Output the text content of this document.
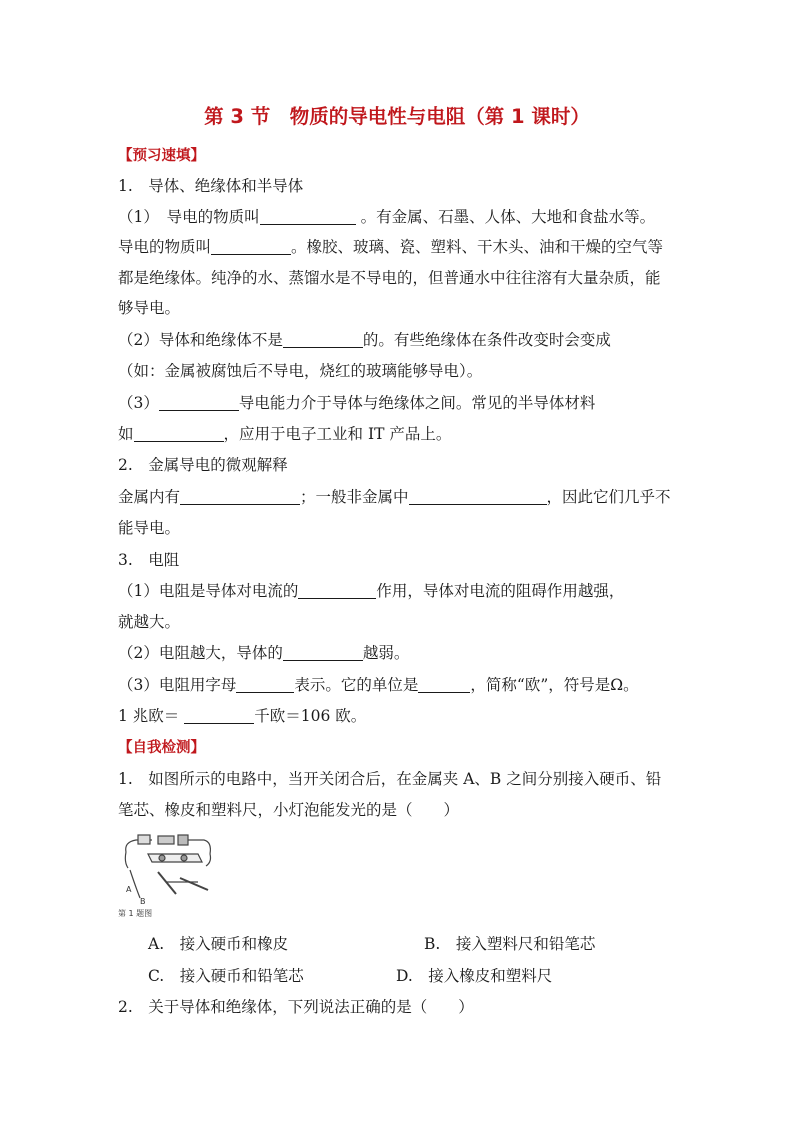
第 3 节　物质的导电性与电阻（第 1 课时）
【预习速填】
1.　导体、绝缘体和半导体
（1）　导电的物质叫	。有金属、石墨、人体、大地和食盐水等。
导电的物质叫	。橡胶、玻璃、瓷、塑料、干木头、油和干燥的空气等
都是绝缘体。纯净的水、蒸馏水是不导电的，但普通水中往往溶有大量杂质，能
够导电。
（2）导体和绝缘体不是	的。有些绝缘体在条件改变时会变成
（如：金属被腐蚀后不导电，烧红的玻璃能够导电）。
（3）	导电能力介于导体与绝缘体之间。常见的半导体材料
如	，应用于电子工业和 IT 产品上。
2.　金属导电的微观解释
金属内有	；一般非金属中	，因此它们几乎不
能导电。
3.　电阻
（1）电阻是导体对电流的	作用，导体对电流的阻碍作用越强，
就越大。
（2）电阻越大，导体的	越弱。
（3）电阻用字母	表示。它的单位是	，简称“欧”，符号是Ω。
1 兆欧＝	千欧＝106 欧。
【自我检测】
1.　如图所示的电路中，当开关闭合后，在金属夹 A、B 之间分别接入硬币、铅
笔芯、橡皮和塑料尺，小灯泡能发光的是（　　）
A
B
第 1 题图
A.　接入硬币和橡皮	B.　接入塑料尺和铅笔芯
C.　接入硬币和铅笔芯	D.　接入橡皮和塑料尺
2.　关于导体和绝缘体，下列说法正确的是（　　）
